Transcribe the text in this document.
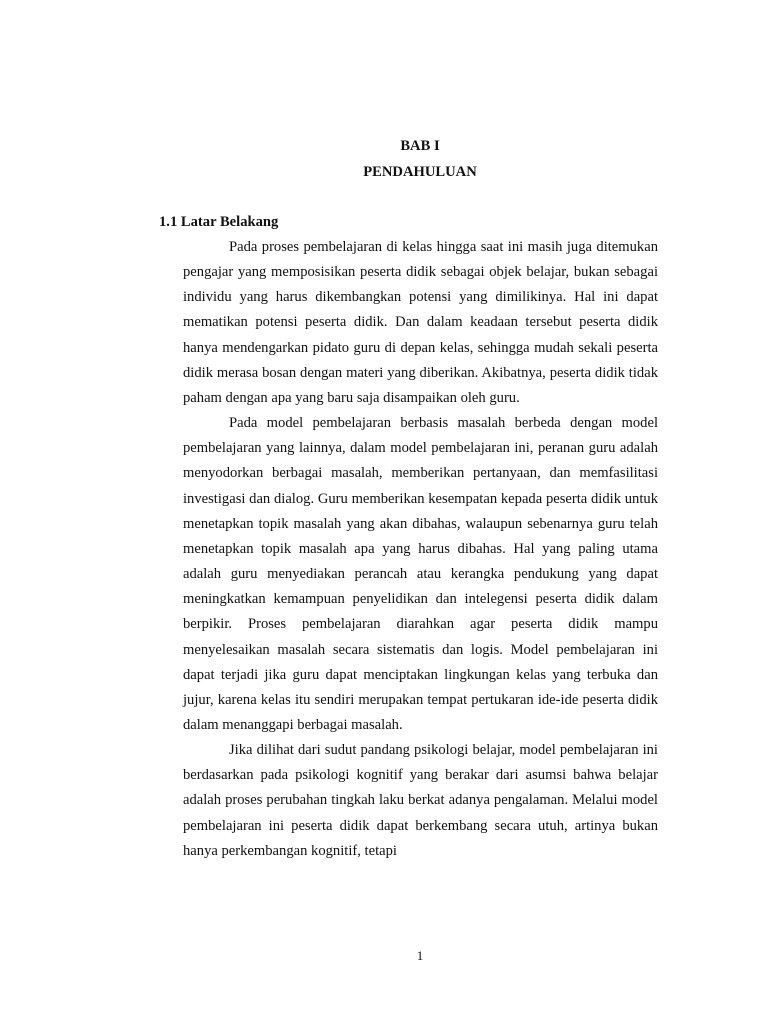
BAB I
PENDAHULUAN
1.1 Latar Belakang

Pada proses pembelajaran di kelas hingga saat ini masih juga ditemukan pengajar yang memposisikan peserta didik sebagai objek belajar, bukan sebagai individu yang harus dikembangkan potensi yang dimilikinya. Hal ini dapat mematikan potensi peserta didik. Dan dalam keadaan tersebut peserta didik hanya mendengarkan pidato guru di depan kelas, sehingga mudah sekali peserta didik merasa bosan dengan materi yang diberikan. Akibatnya, peserta didik tidak paham dengan apa yang baru saja disampaikan oleh guru.

Pada model pembelajaran berbasis masalah berbeda dengan model pembelajaran yang lainnya, dalam model pembelajaran ini, peranan guru adalah menyodorkan berbagai masalah, memberikan pertanyaan, dan memfasilitasi investigasi dan dialog. Guru memberikan kesempatan kepada peserta didik untuk menetapkan topik masalah yang akan dibahas, walaupun sebenarnya guru telah menetapkan topik masalah apa yang harus dibahas. Hal yang paling utama adalah guru menyediakan perancah atau kerangka pendukung yang dapat meningkatkan kemampuan penyelidikan dan intelegensi peserta didik dalam berpikir. Proses pembelajaran diarahkan agar peserta didik mampu menyelesaikan masalah secara sistematis dan logis. Model pembelajaran ini dapat terjadi jika guru dapat menciptakan lingkungan kelas yang terbuka dan jujur, karena kelas itu sendiri merupakan tempat pertukaran ide-ide peserta didik dalam menanggapi berbagai masalah.

Jika dilihat dari sudut pandang psikologi belajar, model pembelajaran ini berdasarkan pada psikologi kognitif yang berakar dari asumsi bahwa belajar adalah proses perubahan tingkah laku berkat adanya pengalaman. Melalui model pembelajaran ini peserta didik dapat berkembang secara utuh, artinya bukan hanya perkembangan kognitif, tetapi

1
